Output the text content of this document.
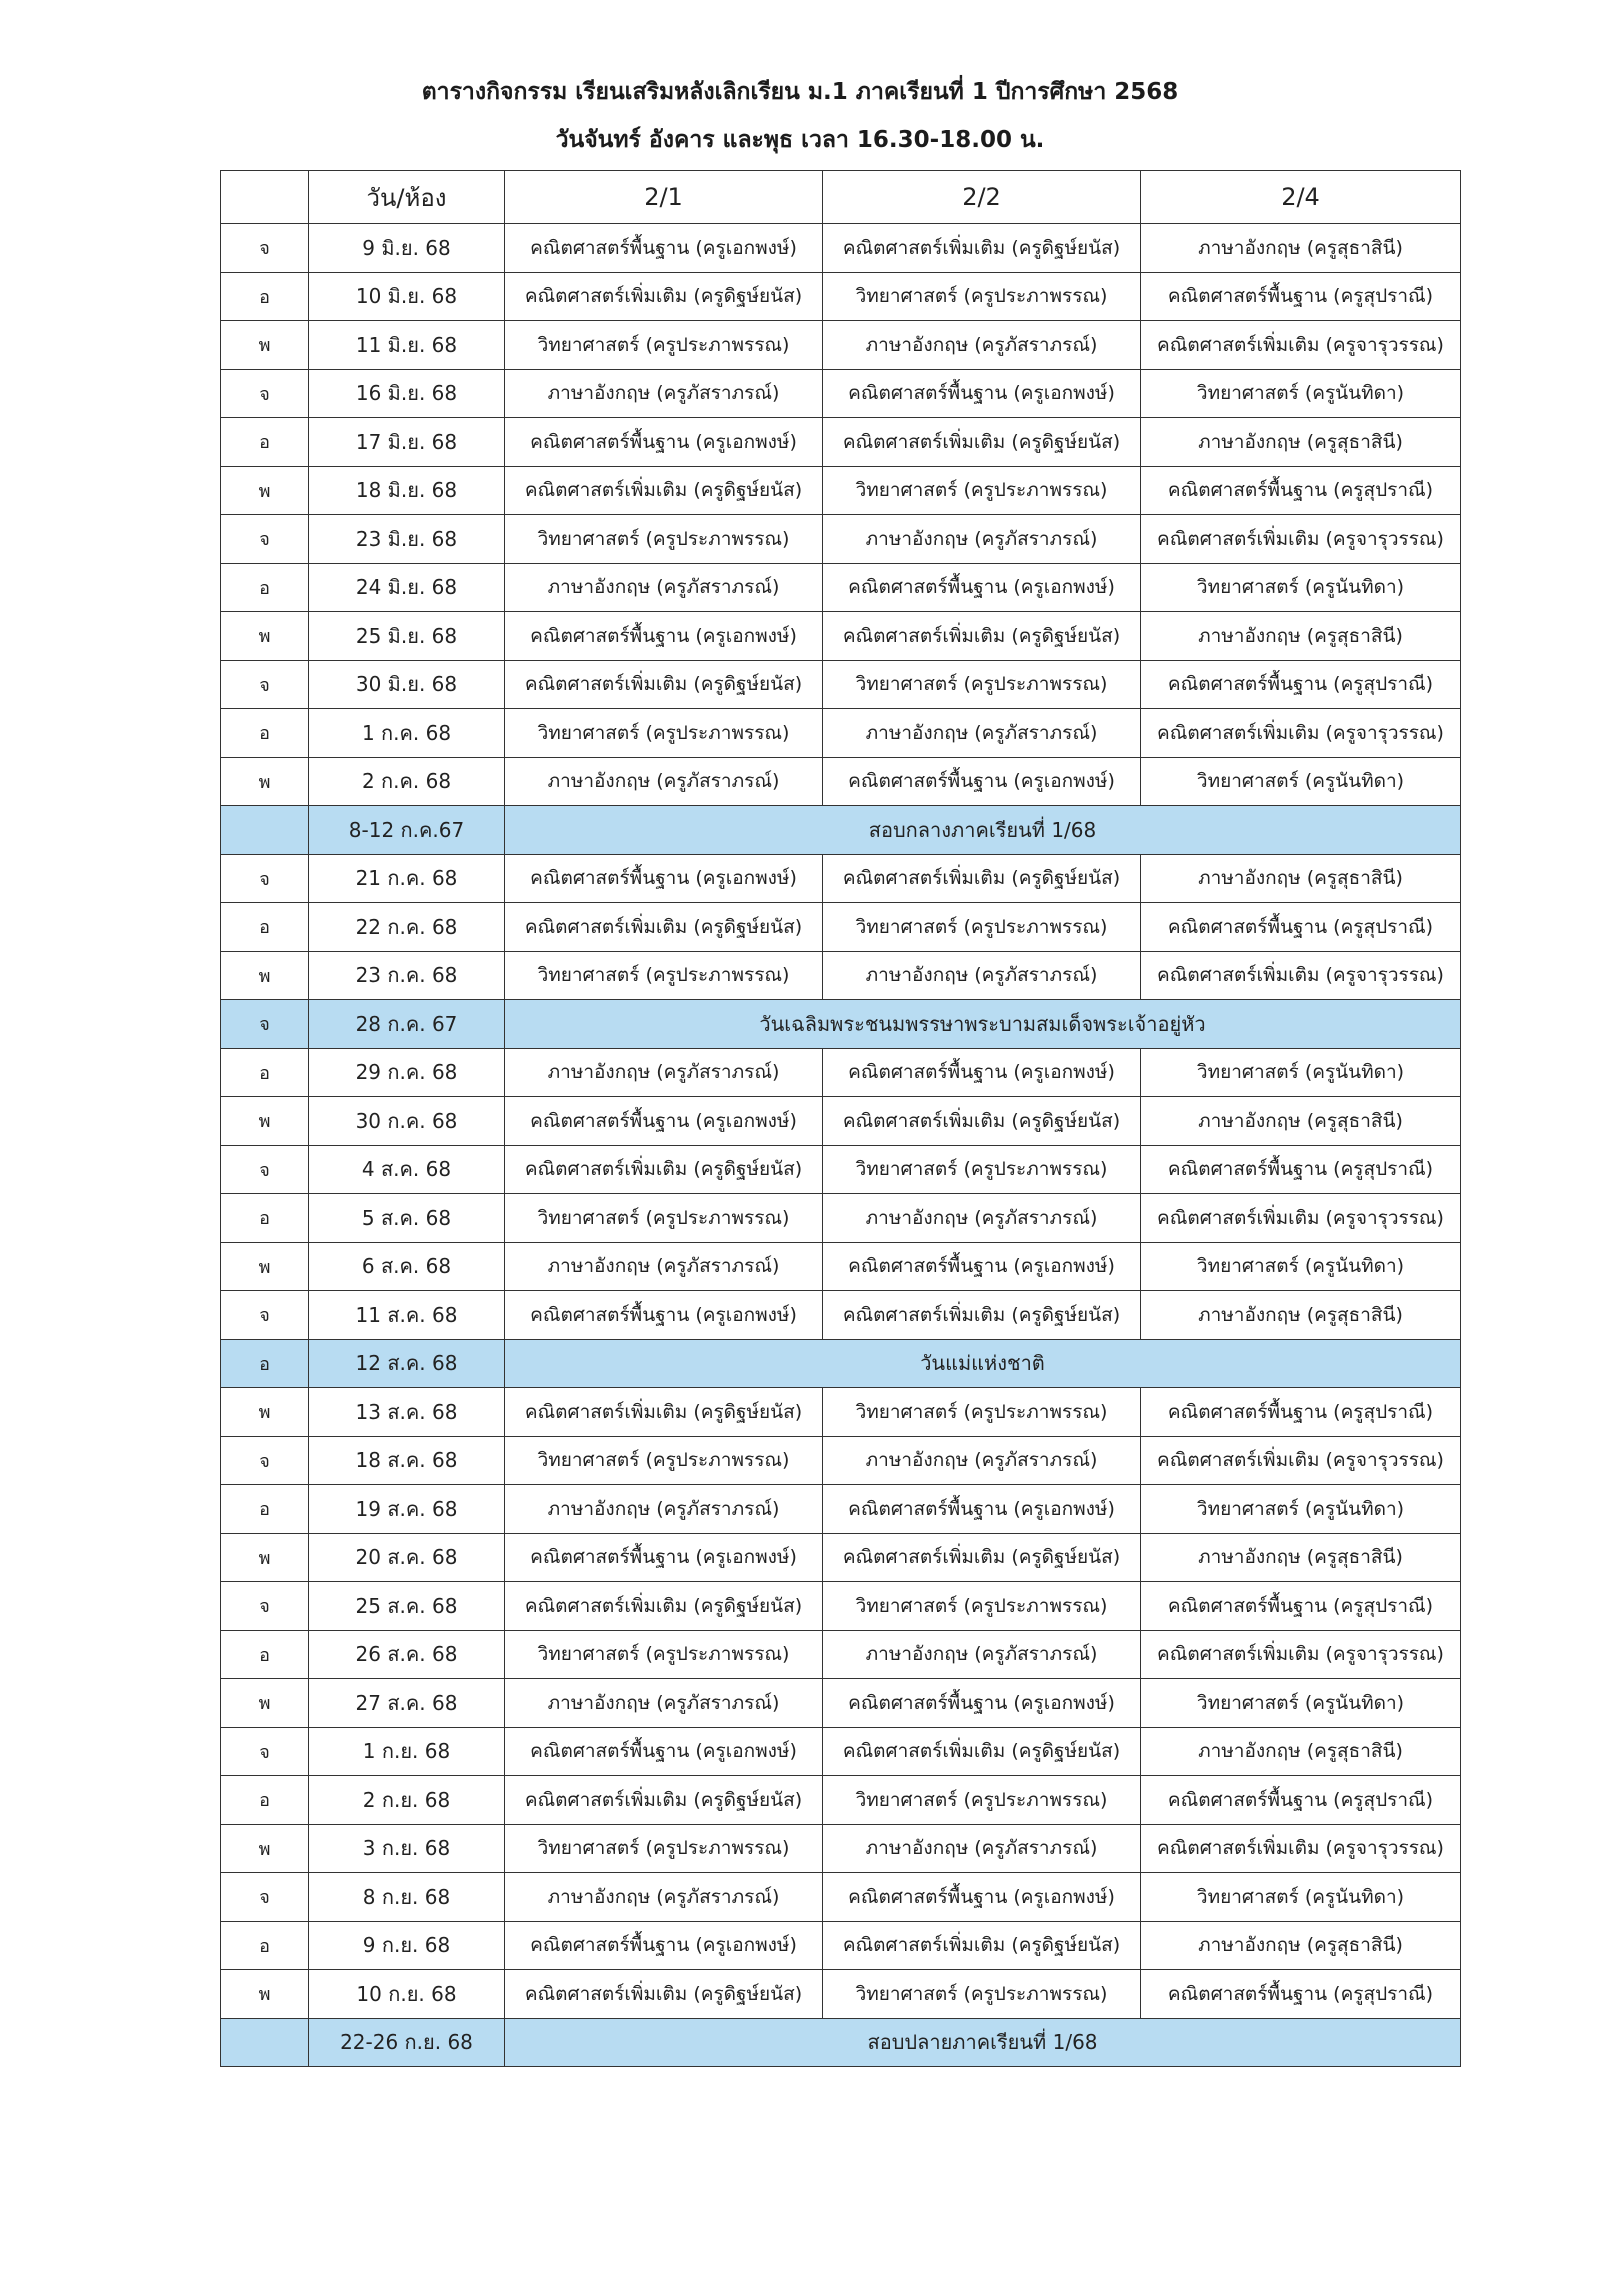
ตารางกิจกรรม เรียนเสริมหลังเลิกเรียน ม.1 ภาคเรียนที่ 1 ปีการศึกษา 2568
วันจันทร์ อังคาร และพุธ เวลา 16.30-18.00 น.
	วัน/ห้อง	2/1	2/2	2/4
จ	9 มิ.ย. 68	คณิตศาสตร์พื้นฐาน (ครูเอกพงษ์)	คณิตศาสตร์เพิ่มเติม (ครูดิฐษ์ยนัส)	ภาษาอังกฤษ (ครูสุธาสินี)
อ	10 มิ.ย. 68	คณิตศาสตร์เพิ่มเติม (ครูดิฐษ์ยนัส)	วิทยาศาสตร์ (ครูประภาพรรณ)	คณิตศาสตร์พื้นฐาน (ครูสุปราณี)
พ	11 มิ.ย. 68	วิทยาศาสตร์ (ครูประภาพรรณ)	ภาษาอังกฤษ (ครูภัสราภรณ์)	คณิตศาสตร์เพิ่มเติม (ครูจารุวรรณ)
จ	16 มิ.ย. 68	ภาษาอังกฤษ (ครูภัสราภรณ์)	คณิตศาสตร์พื้นฐาน (ครูเอกพงษ์)	วิทยาศาสตร์ (ครูนันทิดา)
อ	17 มิ.ย. 68	คณิตศาสตร์พื้นฐาน (ครูเอกพงษ์)	คณิตศาสตร์เพิ่มเติม (ครูดิฐษ์ยนัส)	ภาษาอังกฤษ (ครูสุธาสินี)
พ	18 มิ.ย. 68	คณิตศาสตร์เพิ่มเติม (ครูดิฐษ์ยนัส)	วิทยาศาสตร์ (ครูประภาพรรณ)	คณิตศาสตร์พื้นฐาน (ครูสุปราณี)
จ	23 มิ.ย. 68	วิทยาศาสตร์ (ครูประภาพรรณ)	ภาษาอังกฤษ (ครูภัสราภรณ์)	คณิตศาสตร์เพิ่มเติม (ครูจารุวรรณ)
อ	24 มิ.ย. 68	ภาษาอังกฤษ (ครูภัสราภรณ์)	คณิตศาสตร์พื้นฐาน (ครูเอกพงษ์)	วิทยาศาสตร์ (ครูนันทิดา)
พ	25 มิ.ย. 68	คณิตศาสตร์พื้นฐาน (ครูเอกพงษ์)	คณิตศาสตร์เพิ่มเติม (ครูดิฐษ์ยนัส)	ภาษาอังกฤษ (ครูสุธาสินี)
จ	30 มิ.ย. 68	คณิตศาสตร์เพิ่มเติม (ครูดิฐษ์ยนัส)	วิทยาศาสตร์ (ครูประภาพรรณ)	คณิตศาสตร์พื้นฐาน (ครูสุปราณี)
อ	1 ก.ค. 68	วิทยาศาสตร์ (ครูประภาพรรณ)	ภาษาอังกฤษ (ครูภัสราภรณ์)	คณิตศาสตร์เพิ่มเติม (ครูจารุวรรณ)
พ	2 ก.ค. 68	ภาษาอังกฤษ (ครูภัสราภรณ์)	คณิตศาสตร์พื้นฐาน (ครูเอกพงษ์)	วิทยาศาสตร์ (ครูนันทิดา)
	8-12 ก.ค.67	สอบกลางภาคเรียนที่ 1/68		
จ	21 ก.ค. 68	คณิตศาสตร์พื้นฐาน (ครูเอกพงษ์)	คณิตศาสตร์เพิ่มเติม (ครูดิฐษ์ยนัส)	ภาษาอังกฤษ (ครูสุธาสินี)
อ	22 ก.ค. 68	คณิตศาสตร์เพิ่มเติม (ครูดิฐษ์ยนัส)	วิทยาศาสตร์ (ครูประภาพรรณ)	คณิตศาสตร์พื้นฐาน (ครูสุปราณี)
พ	23 ก.ค. 68	วิทยาศาสตร์ (ครูประภาพรรณ)	ภาษาอังกฤษ (ครูภัสราภรณ์)	คณิตศาสตร์เพิ่มเติม (ครูจารุวรรณ)
จ	28 ก.ค. 67	วันเฉลิมพระชนมพรรษาพระบามสมเด็จพระเจ้าอยู่หัว		
อ	29 ก.ค. 68	ภาษาอังกฤษ (ครูภัสราภรณ์)	คณิตศาสตร์พื้นฐาน (ครูเอกพงษ์)	วิทยาศาสตร์ (ครูนันทิดา)
พ	30 ก.ค. 68	คณิตศาสตร์พื้นฐาน (ครูเอกพงษ์)	คณิตศาสตร์เพิ่มเติม (ครูดิฐษ์ยนัส)	ภาษาอังกฤษ (ครูสุธาสินี)
จ	4 ส.ค. 68	คณิตศาสตร์เพิ่มเติม (ครูดิฐษ์ยนัส)	วิทยาศาสตร์ (ครูประภาพรรณ)	คณิตศาสตร์พื้นฐาน (ครูสุปราณี)
อ	5 ส.ค. 68	วิทยาศาสตร์ (ครูประภาพรรณ)	ภาษาอังกฤษ (ครูภัสราภรณ์)	คณิตศาสตร์เพิ่มเติม (ครูจารุวรรณ)
พ	6 ส.ค. 68	ภาษาอังกฤษ (ครูภัสราภรณ์)	คณิตศาสตร์พื้นฐาน (ครูเอกพงษ์)	วิทยาศาสตร์ (ครูนันทิดา)
จ	11 ส.ค. 68	คณิตศาสตร์พื้นฐาน (ครูเอกพงษ์)	คณิตศาสตร์เพิ่มเติม (ครูดิฐษ์ยนัส)	ภาษาอังกฤษ (ครูสุธาสินี)
อ	12 ส.ค. 68	วันแม่แห่งชาติ		
พ	13 ส.ค. 68	คณิตศาสตร์เพิ่มเติม (ครูดิฐษ์ยนัส)	วิทยาศาสตร์ (ครูประภาพรรณ)	คณิตศาสตร์พื้นฐาน (ครูสุปราณี)
จ	18 ส.ค. 68	วิทยาศาสตร์ (ครูประภาพรรณ)	ภาษาอังกฤษ (ครูภัสราภรณ์)	คณิตศาสตร์เพิ่มเติม (ครูจารุวรรณ)
อ	19 ส.ค. 68	ภาษาอังกฤษ (ครูภัสราภรณ์)	คณิตศาสตร์พื้นฐาน (ครูเอกพงษ์)	วิทยาศาสตร์ (ครูนันทิดา)
พ	20 ส.ค. 68	คณิตศาสตร์พื้นฐาน (ครูเอกพงษ์)	คณิตศาสตร์เพิ่มเติม (ครูดิฐษ์ยนัส)	ภาษาอังกฤษ (ครูสุธาสินี)
จ	25 ส.ค. 68	คณิตศาสตร์เพิ่มเติม (ครูดิฐษ์ยนัส)	วิทยาศาสตร์ (ครูประภาพรรณ)	คณิตศาสตร์พื้นฐาน (ครูสุปราณี)
อ	26 ส.ค. 68	วิทยาศาสตร์ (ครูประภาพรรณ)	ภาษาอังกฤษ (ครูภัสราภรณ์)	คณิตศาสตร์เพิ่มเติม (ครูจารุวรรณ)
พ	27 ส.ค. 68	ภาษาอังกฤษ (ครูภัสราภรณ์)	คณิตศาสตร์พื้นฐาน (ครูเอกพงษ์)	วิทยาศาสตร์ (ครูนันทิดา)
จ	1 ก.ย. 68	คณิตศาสตร์พื้นฐาน (ครูเอกพงษ์)	คณิตศาสตร์เพิ่มเติม (ครูดิฐษ์ยนัส)	ภาษาอังกฤษ (ครูสุธาสินี)
อ	2 ก.ย. 68	คณิตศาสตร์เพิ่มเติม (ครูดิฐษ์ยนัส)	วิทยาศาสตร์ (ครูประภาพรรณ)	คณิตศาสตร์พื้นฐาน (ครูสุปราณี)
พ	3 ก.ย. 68	วิทยาศาสตร์ (ครูประภาพรรณ)	ภาษาอังกฤษ (ครูภัสราภรณ์)	คณิตศาสตร์เพิ่มเติม (ครูจารุวรรณ)
จ	8 ก.ย. 68	ภาษาอังกฤษ (ครูภัสราภรณ์)	คณิตศาสตร์พื้นฐาน (ครูเอกพงษ์)	วิทยาศาสตร์ (ครูนันทิดา)
อ	9 ก.ย. 68	คณิตศาสตร์พื้นฐาน (ครูเอกพงษ์)	คณิตศาสตร์เพิ่มเติม (ครูดิฐษ์ยนัส)	ภาษาอังกฤษ (ครูสุธาสินี)
พ	10 ก.ย. 68	คณิตศาสตร์เพิ่มเติม (ครูดิฐษ์ยนัส)	วิทยาศาสตร์ (ครูประภาพรรณ)	คณิตศาสตร์พื้นฐาน (ครูสุปราณี)
	22-26 ก.ย. 68	สอบปลายภาคเรียนที่ 1/68		
